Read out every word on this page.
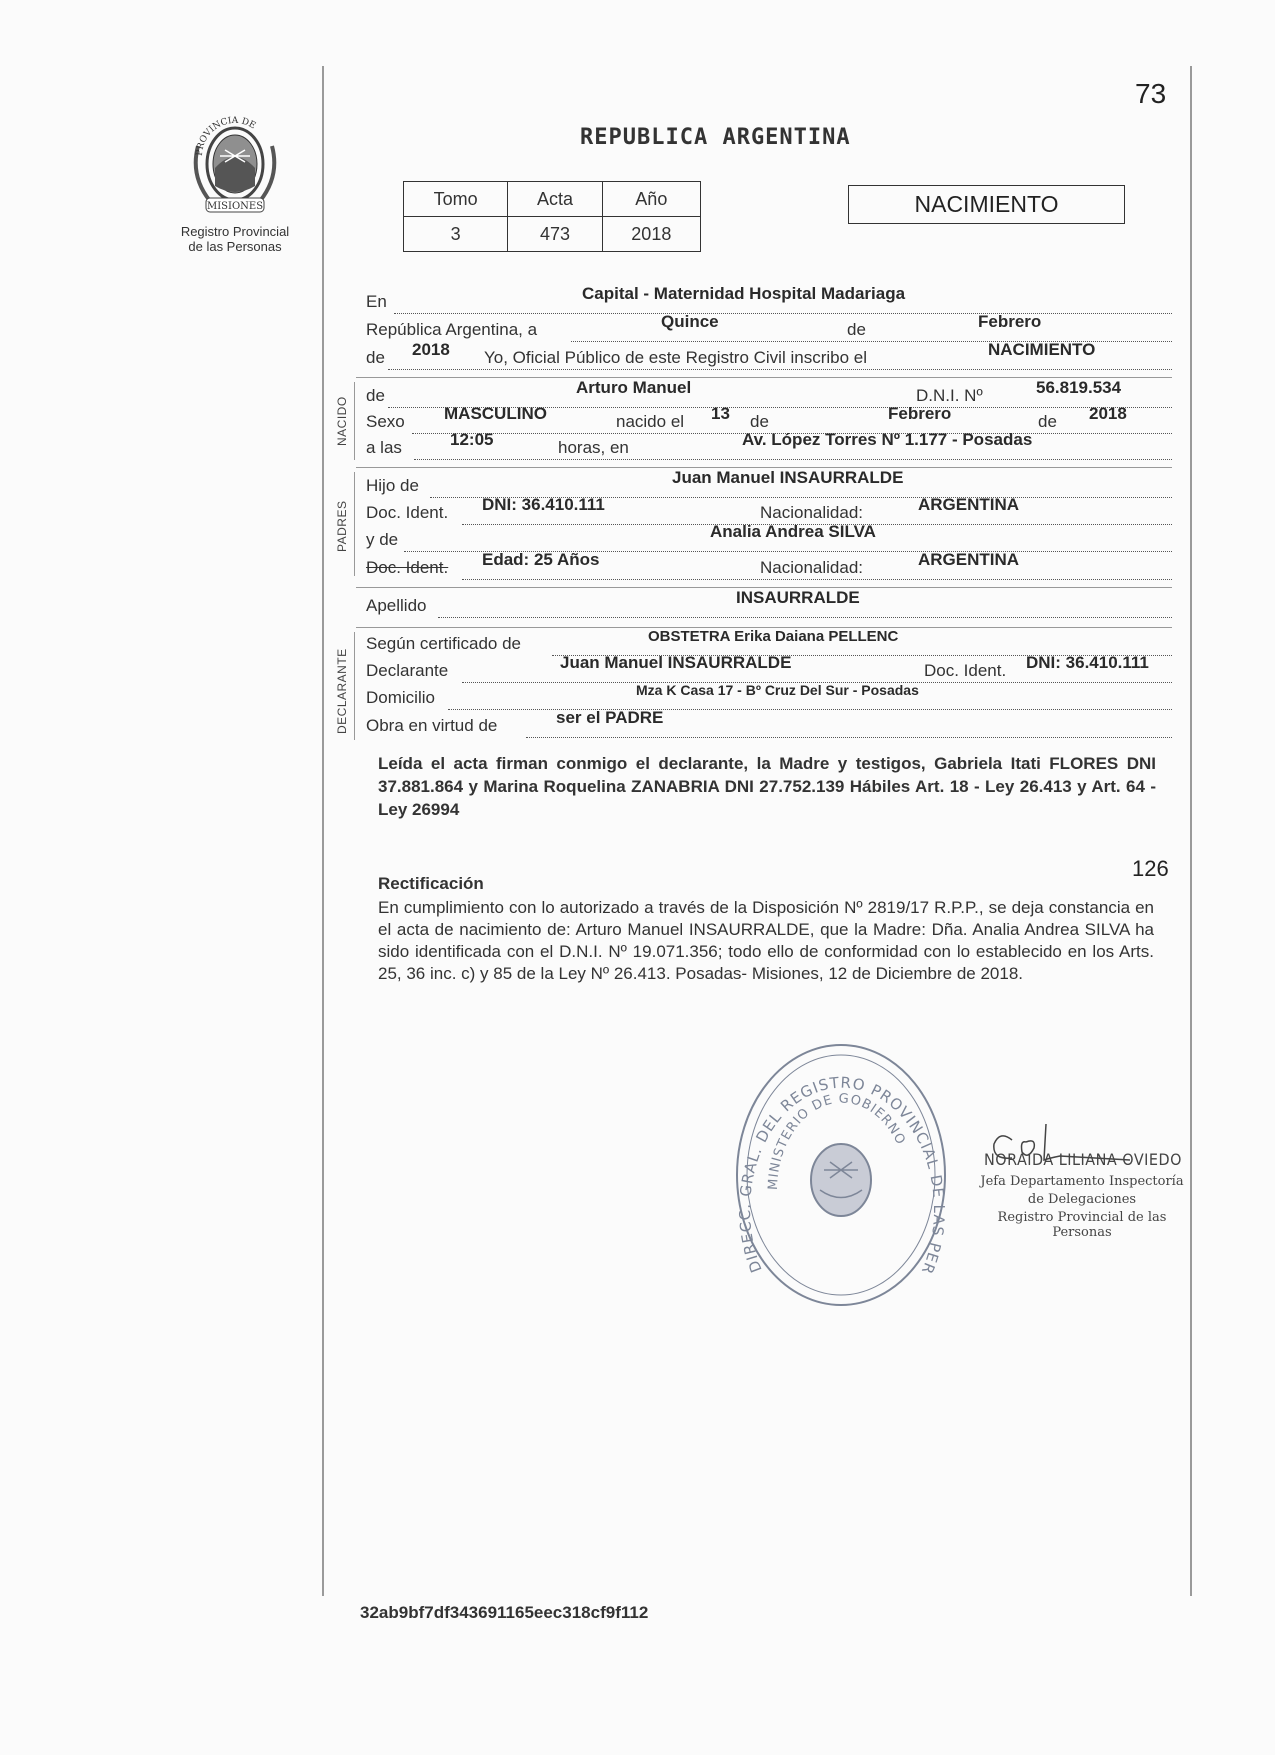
PROVINCIA DE
MISIONES
Registro Provincial
de las Personas
73
REPUBLICA ARGENTINA
Tomo	Acta	Año
3	473	2018
NACIMIENTO
En	Capital - Maternidad Hospital Madariaga
República Argentina, a	Quince	de	Febrero
de 2018 Yo, Oficial Público de este Registro Civil inscribo el	NACIMIENTO
NACIDO
de	Arturo Manuel	D.N.I. Nº	56.819.534
Sexo MASCULINO	nacido el 13 de	Febrero	de 2018
a las	12:05	horas, en	Av. López Torres Nº 1.177 - Posadas
PADRES
Hijo de	Juan Manuel INSAURRALDE
Doc. Ident. DNI: 36.410.111	Nacionalidad:	ARGENTINA
y de	Analia Andrea SILVA
Doc. Ident. Edad: 25 Años	Nacionalidad:	ARGENTINA
Apellido	INSAURRALDE
DECLARANTE
Según certificado de	OBSTETRA Erika Daiana PELLENC
Declarante	Juan Manuel INSAURRALDE	Doc. Ident. DNI: 36.410.111
Domicilio	Mza K Casa 17 - Bº Cruz Del Sur - Posadas
Obra en virtud de	ser el PADRE
Leída el acta firman conmigo el declarante, la Madre y testigos, Gabriela Itati FLORES DNI 37.881.864 y Marina Roquelina ZANABRIA DNI 27.752.139 Hábiles Art. 18 - Ley 26.413 y Art. 64 - Ley 26994
126
Rectificación
En cumplimiento con lo autorizado a través de la Disposición Nº 2819/17 R.P.P., se deja constancia en el acta de nacimiento de: Arturo Manuel INSAURRALDE, que la Madre: Dña. Analia Andrea SILVA ha sido identificada con el D.N.I. Nº 19.071.356; todo ello de conformidad con lo establecido en los Arts. 25, 36 inc. c) y 85 de la Ley Nº 26.413. Posadas- Misiones, 12 de Diciembre de 2018.
DIRECC. GRAL. DEL REGISTRO PROVINCIAL DE LAS PER
MINISTERIO DE GOBIERNO
NORAIDA LILIANA OVIEDO
Jefa Departamento Inspectoría
de Delegaciones
Registro Provincial de las Personas
32ab9bf7df343691165eec318cf9f112
